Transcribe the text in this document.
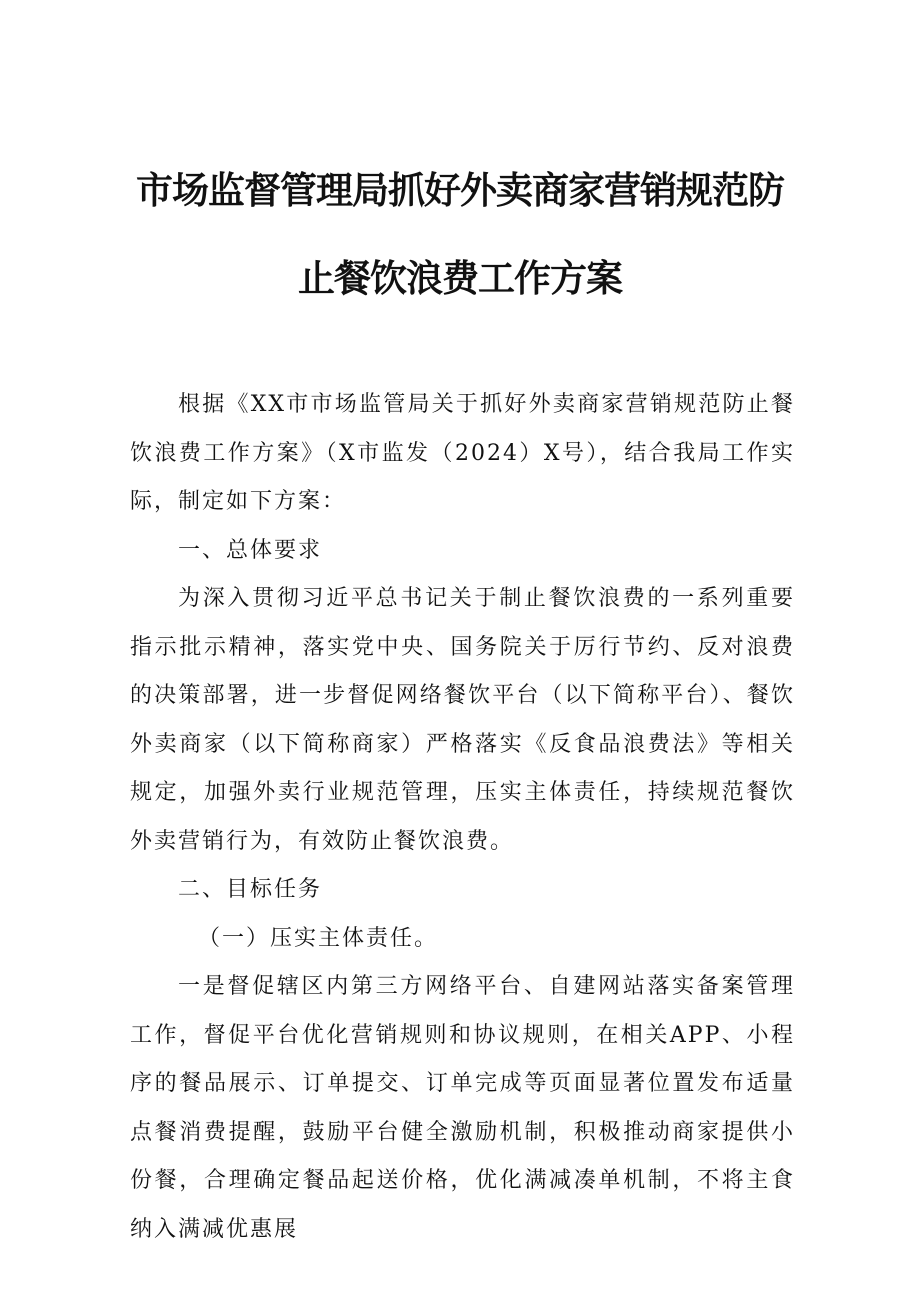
市场监督管理局抓好外卖商家营销规范防
止餐饮浪费工作方案

根据《XX市市场监管局关于抓好外卖商家营销规范防止餐饮浪费工作方案》（X市监发（2024）X号），结合我局工作实际，制定如下方案：

一、总体要求

为深入贯彻习近平总书记关于制止餐饮浪费的一系列重要指示批示精神，落实党中央、国务院关于厉行节约、反对浪费的决策部署，进一步督促网络餐饮平台（以下简称平台）、餐饮外卖商家（以下简称商家）严格落实《反食品浪费法》等相关规定，加强外卖行业规范管理，压实主体责任，持续规范餐饮外卖营销行为，有效防止餐饮浪费。

二、目标任务

（一）压实主体责任。

一是督促辖区内第三方网络平台、自建网站落实备案管理工作，督促平台优化营销规则和协议规则，在相关APP、小程序的餐品展示、订单提交、订单完成等页面显著位置发布适量点餐消费提醒，鼓励平台健全激励机制，积极推动商家提供小份餐，合理确定餐品起送价格，优化满减凑单机制，不将主食纳入满减优惠展
